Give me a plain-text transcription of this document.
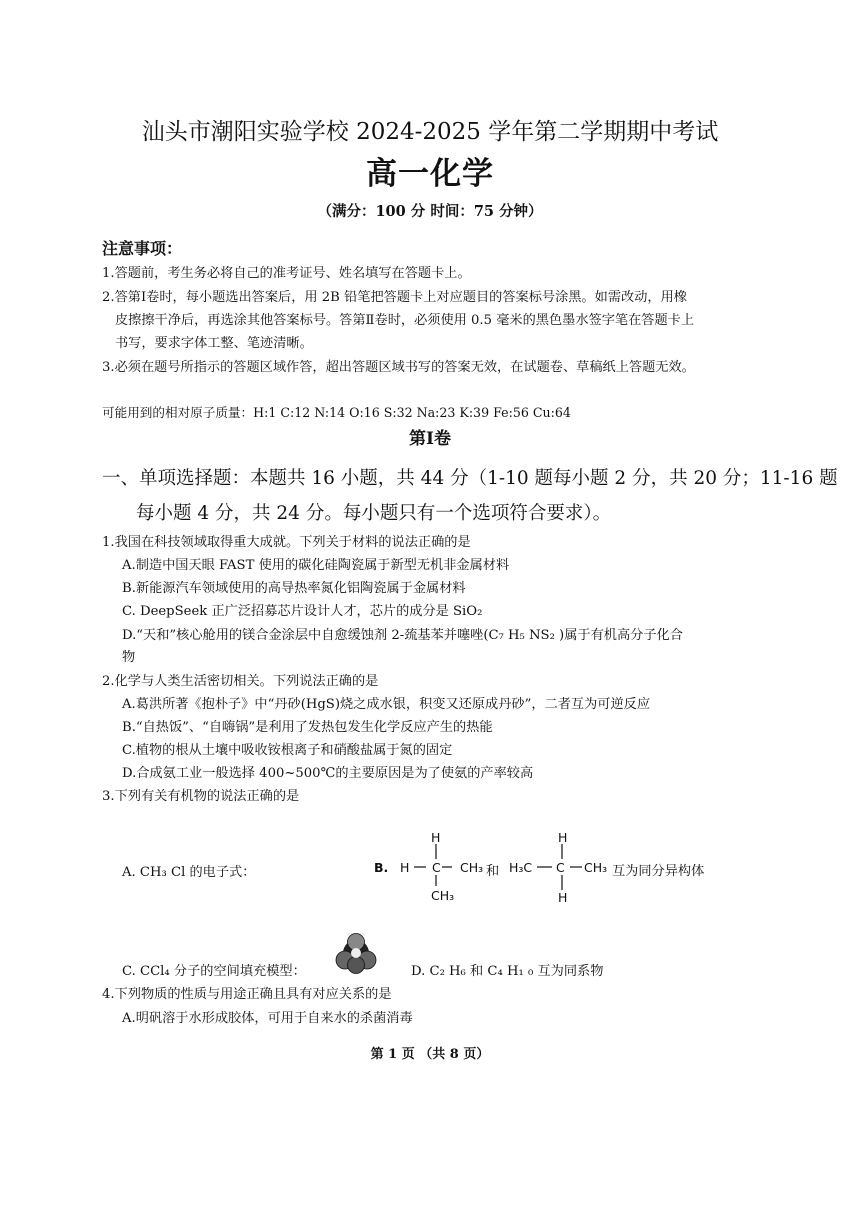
汕头市潮阳实验学校 2024-2025 学年第二学期期中考试
高一化学
（满分：100 分 时间：75 分钟）
注意事项：
1.答题前，考生务必将自己的准考证号、姓名填写在答题卡上。
2.答第Ⅰ卷时，每小题选出答案后，用 2B 铅笔把答题卡上对应题目的答案标号涂黑。如需改动，用橡
皮擦擦干净后，再选涂其他答案标号。答第Ⅱ卷时，必须使用 0.5 毫米的黑色墨水签字笔在答题卡上
书写，要求字体工整、笔迹清晰。
3.必须在题号所指示的答题区域作答，超出答题区域书写的答案无效，在试题卷、草稿纸上答题无效。
可能用到的相对原子质量：H:1 C:12 N:14 O:16 S:32 Na:23 K:39 Fe:56 Cu:64
第Ⅰ卷
一、单项选择题：本题共 16 小题，共 44 分（1-10 题每小题 2 分，共 20 分；11-16 题
每小题 4 分，共 24 分。每小题只有一个选项符合要求）。
1.我国在科技领域取得重大成就。下列关于材料的说法正确的是
A.制造中国天眼 FAST 使用的碳化硅陶瓷属于新型无机非金属材料
B.新能源汽车领域使用的高导热率氮化铝陶瓷属于金属材料
C. DeepSeek 正广泛招募芯片设计人才，芯片的成分是 SiO₂
D.“天和”核心舱用的镁合金涂层中自愈缓蚀剂 2-巯基苯并噻唑(C₇ H₅ NS₂ )属于有机高分子化合
物
2.化学与人类生活密切相关。下列说法正确的是
A.葛洪所著《抱朴子》中“丹砂(HgS)烧之成水银，积变又还原成丹砂”，二者互为可逆反应
B.“自热饭”、“自嗨锅”是利用了发热包发生化学反应产生的热能
C.植物的根从土壤中吸收铵根离子和硝酸盐属于氮的固定
D.合成氨工业一般选择 400~500℃的主要原因是为了使氨的产率较高
3.下列有关有机物的说法正确的是
A. CH₃ Cl 的电子式：	B.
H
H C CH₃
CH₃
和
H
H₃C C CH₃
H
互为同分异构体
C. CCl₄ 分子的空间填充模型：	D. C₂ H₆ 和 C₄ H₁ ₀ 互为同系物
4.下列物质的性质与用途正确且具有对应关系的是
A.明矾溶于水形成胶体，可用于自来水的杀菌消毒
第 1 页 （共 8 页）
